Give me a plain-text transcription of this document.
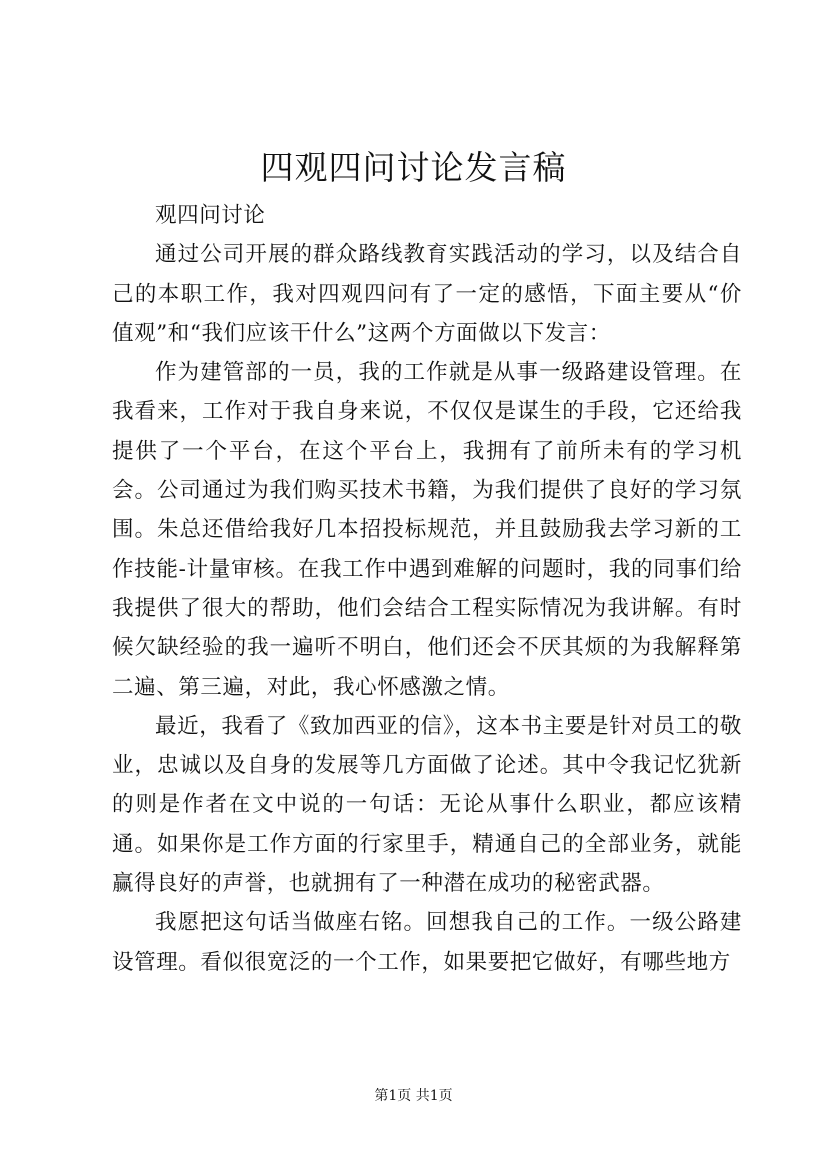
四观四问讨论发言稿

观四问讨论

通过公司开展的群众路线教育实践活动的学习，以及结合自己的本职工作，我对四观四问有了一定的感悟，下面主要从“价值观”和“我们应该干什么”这两个方面做以下发言：

作为建管部的一员，我的工作就是从事一级路建设管理。在我看来，工作对于我自身来说，不仅仅是谋生的手段，它还给我提供了一个平台，在这个平台上，我拥有了前所未有的学习机会。公司通过为我们购买技术书籍，为我们提供了良好的学习氛围。朱总还借给我好几本招投标规范，并且鼓励我去学习新的工作技能-计量审核。在我工作中遇到难解的问题时，我的同事们给我提供了很大的帮助，他们会结合工程实际情况为我讲解。有时候欠缺经验的我一遍听不明白，他们还会不厌其烦的为我解释第二遍、第三遍，对此，我心怀感激之情。

最近，我看了《致加西亚的信》，这本书主要是针对员工的敬业，忠诚以及自身的发展等几方面做了论述。其中令我记忆犹新的则是作者在文中说的一句话：无论从事什么职业，都应该精通。如果你是工作方面的行家里手，精通自己的全部业务，就能赢得良好的声誉，也就拥有了一种潜在成功的秘密武器。

我愿把这句话当做座右铭。回想我自己的工作。一级公路建设管理。看似很宽泛的一个工作，如果要把它做好，有哪些地方

第1页 共1页
